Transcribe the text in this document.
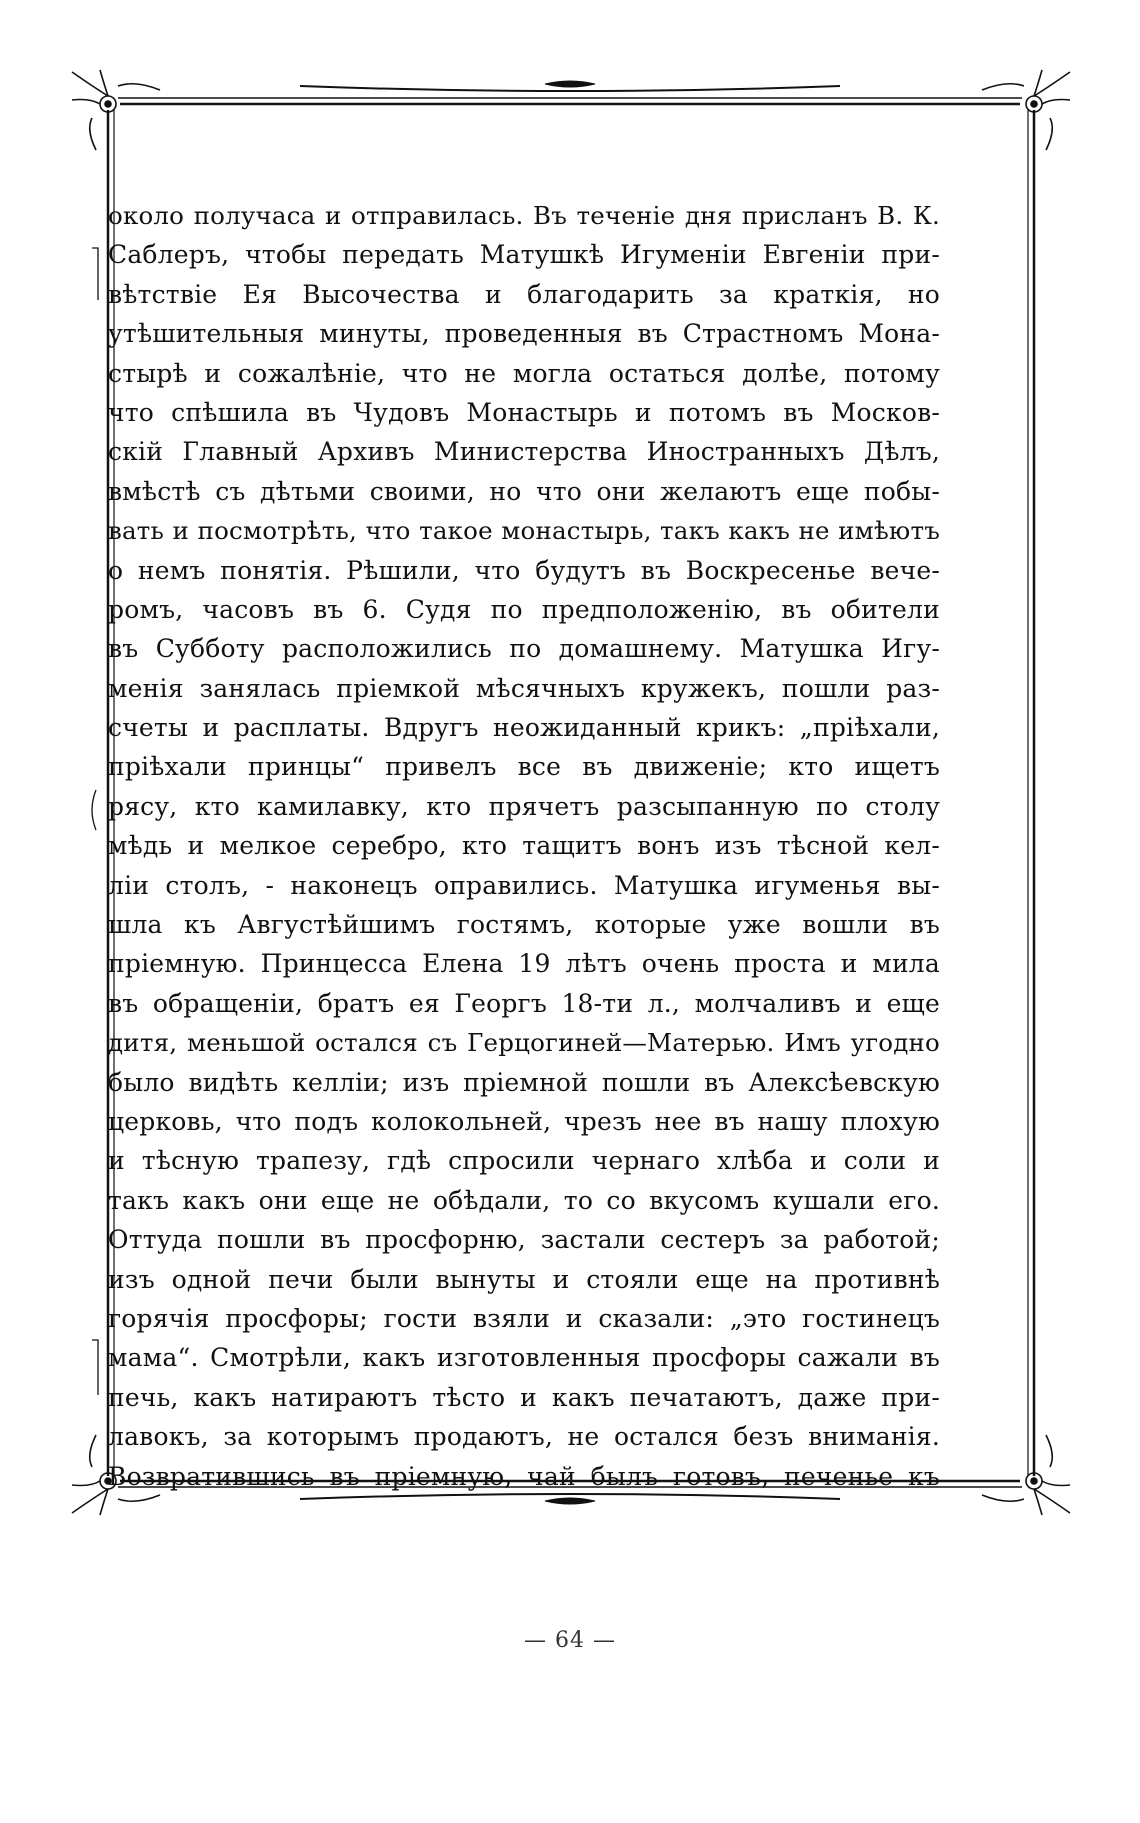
около получаса и отправилась. Въ теченіе дня присланъ В. К.
Саблеръ, чтобы передать Матушкѣ Игуменіи Евгеніи при-
вѣтствіе Ея Высочества и благодарить за краткія, но
утѣшительныя минуты, проведенныя въ Страстномъ Мона-
стырѣ и сожалѣніе, что не могла остаться долѣе, потому
что спѣшила въ Чудовъ Монастырь и потомъ въ Москов-
скій Главный Архивъ Министерства Иностранныхъ Дѣлъ,
вмѣстѣ съ дѣтьми своими, но что они желаютъ еще побы-
вать и посмотрѣть, что такое монастырь, такъ какъ не имѣютъ
о немъ понятія. Рѣшили, что будутъ въ Воскресенье вече-
ромъ, часовъ въ 6. Судя по предположенію, въ обители
въ Субботу расположились по домашнему. Матушка Игу-
менія занялась пріемкой мѣсячныхъ кружекъ, пошли раз-
счеты и расплаты. Вдругъ неожиданный крикъ: „пріѣхали,
пріѣхали принцы“ привелъ все въ движеніе; кто ищетъ
рясу, кто камилавку, кто прячетъ разсыпанную по столу
мѣдь и мелкое серебро, кто тащитъ вонъ изъ тѣсной кел-
ліи столъ, - наконецъ оправились. Матушка игуменья вы-
шла къ Августѣйшимъ гостямъ, которые уже вошли въ
пріемную. Принцесса Елена 19 лѣтъ очень проста и мила
въ обращеніи, братъ ея Георгъ 18-ти л., молчаливъ и еще
дитя, меньшой остался съ Герцогиней—Матерью. Имъ угодно
было видѣть келліи; изъ пріемной пошли въ Алексѣевскую
церковь, что подъ колокольней, чрезъ нее въ нашу плохую
и тѣсную трапезу, гдѣ спросили чернаго хлѣба и соли и
такъ какъ они еще не обѣдали, то со вкусомъ кушали его.
Оттуда пошли въ просфорню, застали сестеръ за работой;
изъ одной печи были вынуты и стояли еще на противнѣ
горячія просфоры; гости взяли и сказали: „это гостинецъ
мама“. Смотрѣли, какъ изготовленныя просфоры сажали въ
печь, какъ натираютъ тѣсто и какъ печатаютъ, даже при-
лавокъ, за которымъ продаютъ, не остался безъ вниманія.
Возвратившись въ пріемную, чай былъ готовъ, печенье къ
— 64 —
